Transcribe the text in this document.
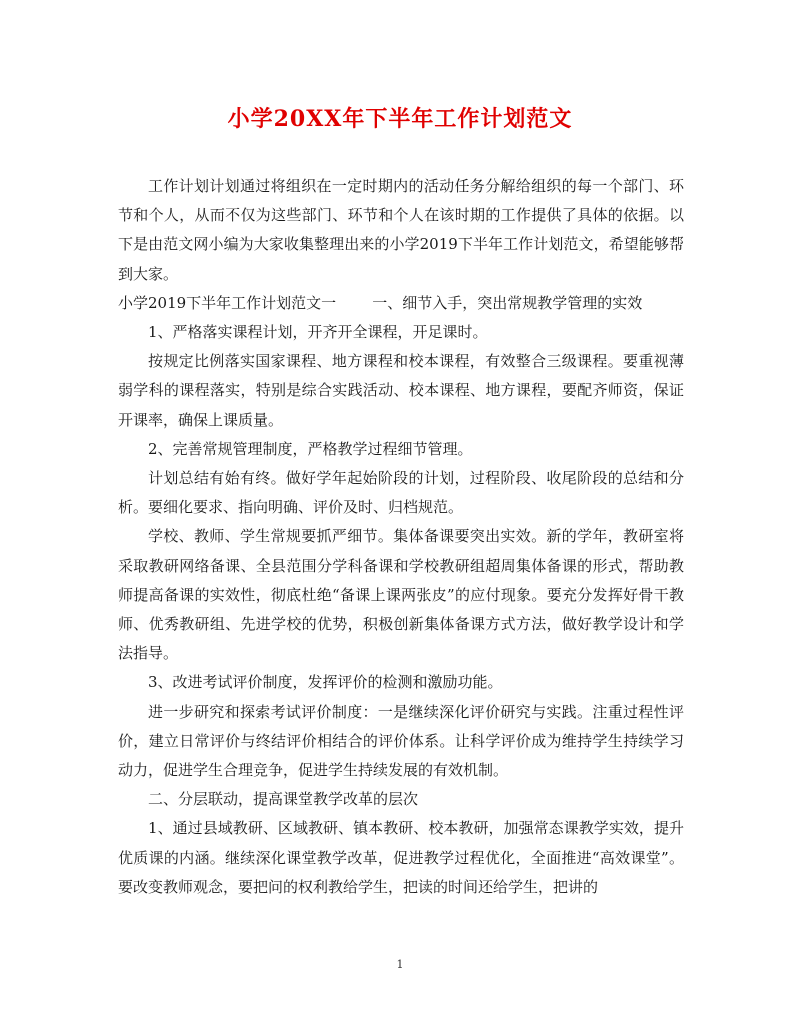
小学20XX年下半年工作计划范文

工作计划计划通过将组织在一定时期内的活动任务分解给组织的每一个部门、环节和个人，从而不仅为这些部门、环节和个人在该时期的工作提供了具体的依据。以下是由范文网小编为大家收集整理出来的小学2019下半年工作计划范文，希望能够帮到大家。

小学2019下半年工作计划范文一 一、细节入手，突出常规教学管理的实效

1、严格落实课程计划，开齐开全课程，开足课时。

按规定比例落实国家课程、地方课程和校本课程，有效整合三级课程。要重视薄弱学科的课程落实，特别是综合实践活动、校本课程、地方课程，要配齐师资，保证开课率，确保上课质量。

2、完善常规管理制度，严格教学过程细节管理。

计划总结有始有终。做好学年起始阶段的计划，过程阶段、收尾阶段的总结和分析。要细化要求、指向明确、评价及时、归档规范。

学校、教师、学生常规要抓严细节。集体备课要突出实效。新的学年，教研室将采取教研网络备课、全县范围分学科备课和学校教研组超周集体备课的形式，帮助教师提高备课的实效性，彻底杜绝“备课上课两张皮”的应付现象。要充分发挥好骨干教师、优秀教研组、先进学校的优势，积极创新集体备课方式方法，做好教学设计和学法指导。

3、改进考试评价制度，发挥评价的检测和激励功能。

进一步研究和探索考试评价制度：一是继续深化评价研究与实践。注重过程性评价，建立日常评价与终结评价相结合的评价体系。让科学评价成为维持学生持续学习动力，促进学生合理竞争，促进学生持续发展的有效机制。

二、分层联动，提高课堂教学改革的层次

1、通过县域教研、区域教研、镇本教研、校本教研，加强常态课教学实效，提升优质课的内涵。继续深化课堂教学改革，促进教学过程优化，全面推进“高效课堂”。要改变教师观念，要把问的权利教给学生，把读的时间还给学生，把讲的

1
